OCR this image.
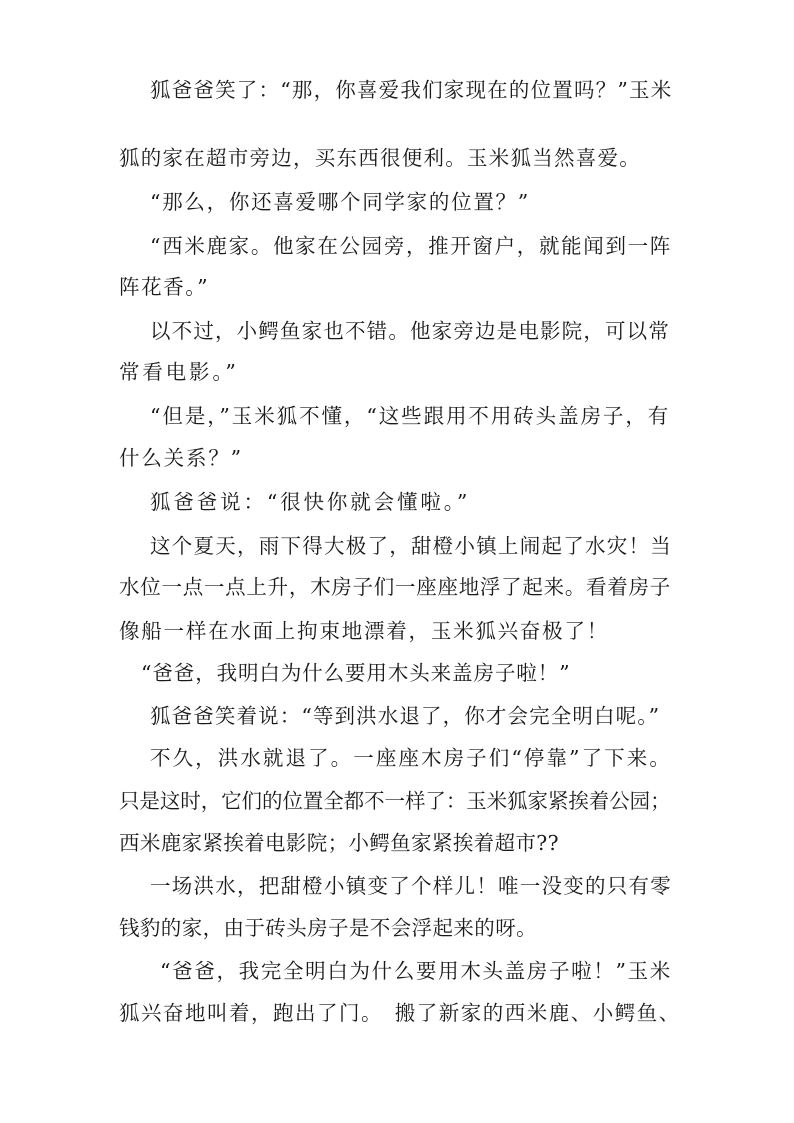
狐爸爸笑了：“那，你喜爱我们家现在的位置吗？”玉米
狐的家在超市旁边，买东西很便利。玉米狐当然喜爱。
“那么，你还喜爱哪个同学家的位置？”
“西米鹿家。他家在公园旁，推开窗户，就能闻到一阵
阵花香。”
以不过，小鳄鱼家也不错。他家旁边是电影院，可以常
常看电影。”
“但是，”玉米狐不懂，“这些跟用不用砖头盖房子，有
什么关系？”
狐爸爸说：“很快你就会懂啦。”
这个夏天，雨下得大极了，甜橙小镇上闹起了水灾！当
水位一点一点上升，木房子们一座座地浮了起来。看着房子
像船一样在水面上拘束地漂着，玉米狐兴奋极了！
“爸爸，我明白为什么要用木头来盖房子啦！”
狐爸爸笑着说：“等到洪水退了，你才会完全明白呢。”
不久，洪水就退了。一座座木房子们“停靠”了下来。
只是这时，它们的位置全都不一样了：玉米狐家紧挨着公园；
西米鹿家紧挨着电影院；小鳄鱼家紧挨着超市??
一场洪水，把甜橙小镇变了个样儿！唯一没变的只有零
钱豹的家，由于砖头房子是不会浮起来的呀。
“爸爸，我完全明白为什么要用木头盖房子啦！”玉米
狐兴奋地叫着，跑出了门。　搬了新家的西米鹿、小鳄鱼、
